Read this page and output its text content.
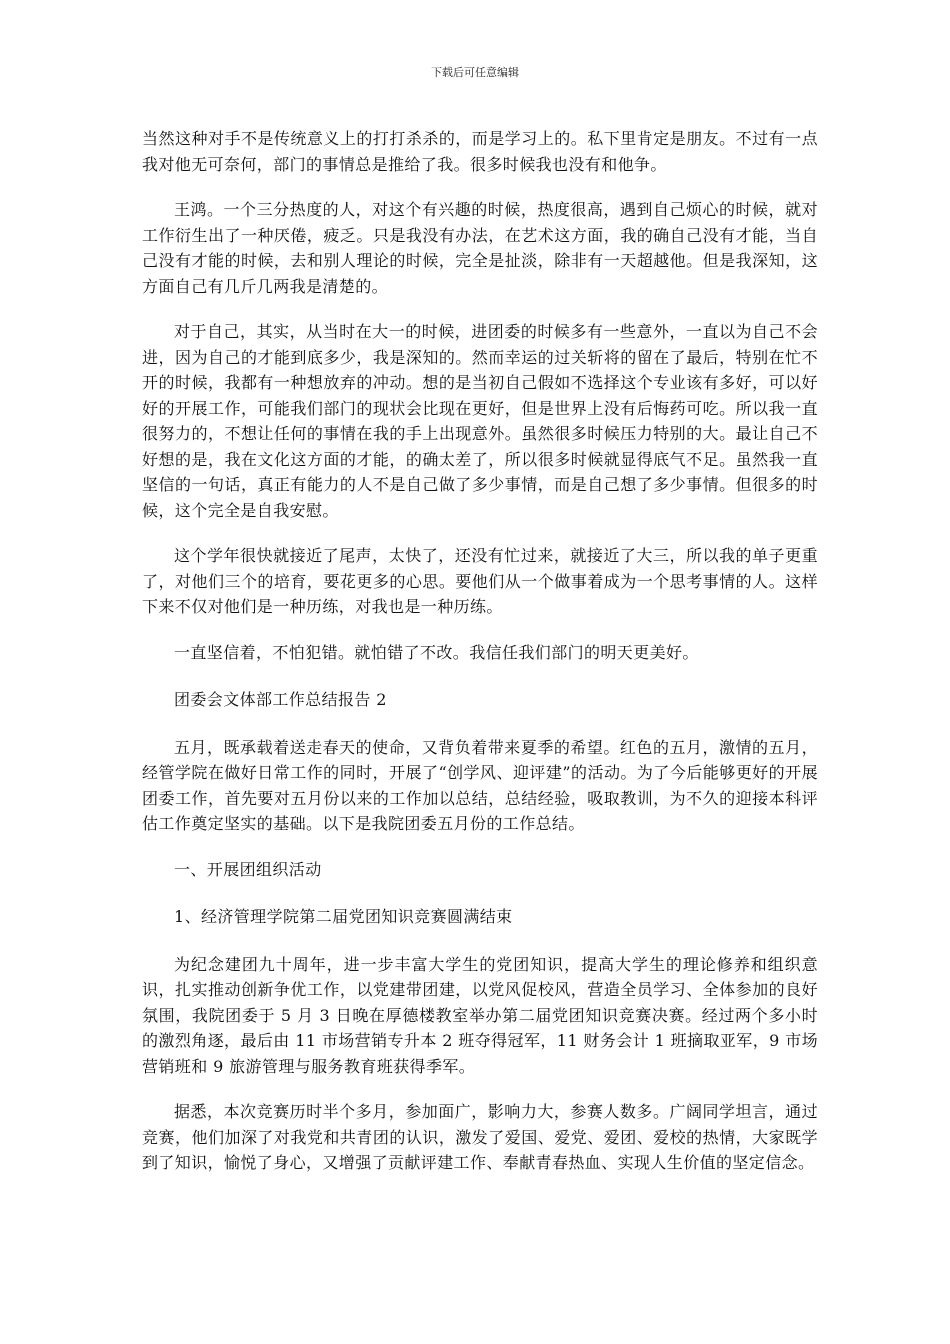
下载后可任意编辑

当然这种对手不是传统意义上的打打杀杀的，而是学习上的。私下里肯定是朋友。不过有一点我对他无可奈何，部门的事情总是推给了我。很多时候我也没有和他争。

王鸿。一个三分热度的人，对这个有兴趣的时候，热度很高，遇到自己烦心的时候，就对工作衍生出了一种厌倦，疲乏。只是我没有办法，在艺术这方面，我的确自己没有才能，当自己没有才能的时候，去和别人理论的时候，完全是扯淡，除非有一天超越他。但是我深知，这方面自己有几斤几两我是清楚的。

对于自己，其实，从当时在大一的时候，进团委的时候多有一些意外，一直以为自己不会进，因为自己的才能到底多少，我是深知的。然而幸运的过关斩将的留在了最后，特别在忙不开的时候，我都有一种想放弃的冲动。想的是当初自己假如不选择这个专业该有多好，可以好好的开展工作，可能我们部门的现状会比现在更好，但是世界上没有后悔药可吃。所以我一直很努力的，不想让任何的事情在我的手上出现意外。虽然很多时候压力特别的大。最让自己不好想的是，我在文化这方面的才能，的确太差了，所以很多时候就显得底气不足。虽然我一直坚信的一句话，真正有能力的人不是自己做了多少事情，而是自己想了多少事情。但很多的时候，这个完全是自我安慰。

这个学年很快就接近了尾声，太快了，还没有忙过来，就接近了大三，所以我的单子更重了，对他们三个的培育，要花更多的心思。要他们从一个做事着成为一个思考事情的人。这样下来不仅对他们是一种历练，对我也是一种历练。

一直坚信着，不怕犯错。就怕错了不改。我信任我们部门的明天更美好。

团委会文体部工作总结报告 2

五月，既承载着送走春天的使命，又背负着带来夏季的希望。红色的五月，激情的五月，经管学院在做好日常工作的同时，开展了“创学风、迎评建”的活动。为了今后能够更好的开展团委工作，首先要对五月份以来的工作加以总结，总结经验，吸取教训，为不久的迎接本科评估工作奠定坚实的基础。以下是我院团委五月份的工作总结。

一、开展团组织活动

1、经济管理学院第二届党团知识竞赛圆满结束

为纪念建团九十周年，进一步丰富大学生的党团知识，提高大学生的理论修养和组织意识，扎实推动创新争优工作，以党建带团建，以党风促校风，营造全员学习、全体参加的良好氛围，我院团委于 5 月 3 日晚在厚德楼教室举办第二届党团知识竞赛决赛。经过两个多小时的激烈角逐，最后由 11 市场营销专升本 2 班夺得冠军，11 财务会计 1 班摘取亚军，9 市场营销班和 9 旅游管理与服务教育班获得季军。

据悉，本次竞赛历时半个多月，参加面广，影响力大，参赛人数多。广阔同学坦言，通过竞赛，他们加深了对我党和共青团的认识，激发了爱国、爱党、爱团、爱校的热情，大家既学到了知识，愉悦了身心，又增强了贡献评建工作、奉献青春热血、实现人生价值的坚定信念。
